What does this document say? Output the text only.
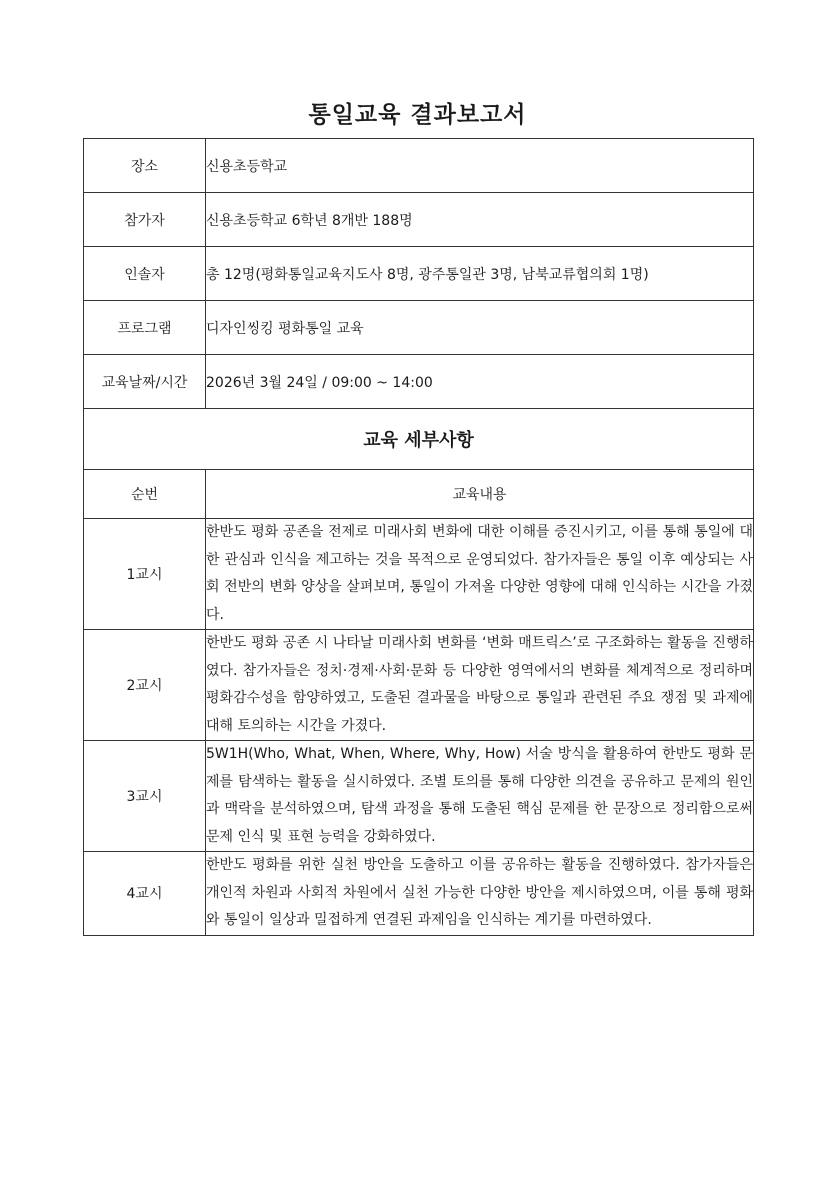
통일교육 결과보고서
장소	신용초등학교
참가자	신용초등학교 6학년 8개반 188명
인솔자	총 12명(평화통일교육지도사 8명, 광주통일관 3명, 남북교류협의회 1명)
프로그램	디자인씽킹 평화통일 교육
교육날짜/시간	2026년 3월 24일 / 09:00 ~ 14:00
교육 세부사항	
순번	교육내용
1교시	한반도 평화 공존을 전제로 미래사회 변화에 대한 이해를 증진시키고, 이를 통해 통일에 대한 관심과 인식을 제고하는 것을 목적으로 운영되었다. 참가자들은 통일 이후 예상되는 사회 전반의 변화 양상을 살펴보며, 통일이 가져올 다양한 영향에 대해 인식하는 시간을 가졌다.
2교시	한반도 평화 공존 시 나타날 미래사회 변화를 ‘변화 매트릭스’로 구조화하는 활동을 진행하였다. 참가자들은 정치·경제·사회·문화 등 다양한 영역에서의 변화를 체계적으로 정리하며 평화감수성을 함양하였고, 도출된 결과물을 바탕으로 통일과 관련된 주요 쟁점 및 과제에 대해 토의하는 시간을 가졌다.
3교시	5W1H(Who, What, When, Where, Why, How) 서술 방식을 활용하여 한반도 평화 문제를 탐색하는 활동을 실시하였다. 조별 토의를 통해 다양한 의견을 공유하고 문제의 원인과 맥락을 분석하였으며, 탐색 과정을 통해 도출된 핵심 문제를 한 문장으로 정리함으로써 문제 인식 및 표현 능력을 강화하였다.
4교시	한반도 평화를 위한 실천 방안을 도출하고 이를 공유하는 활동을 진행하였다. 참가자들은 개인적 차원과 사회적 차원에서 실천 가능한 다양한 방안을 제시하였으며, 이를 통해 평화와 통일이 일상과 밀접하게 연결된 과제임을 인식하는 계기를 마련하였다.
